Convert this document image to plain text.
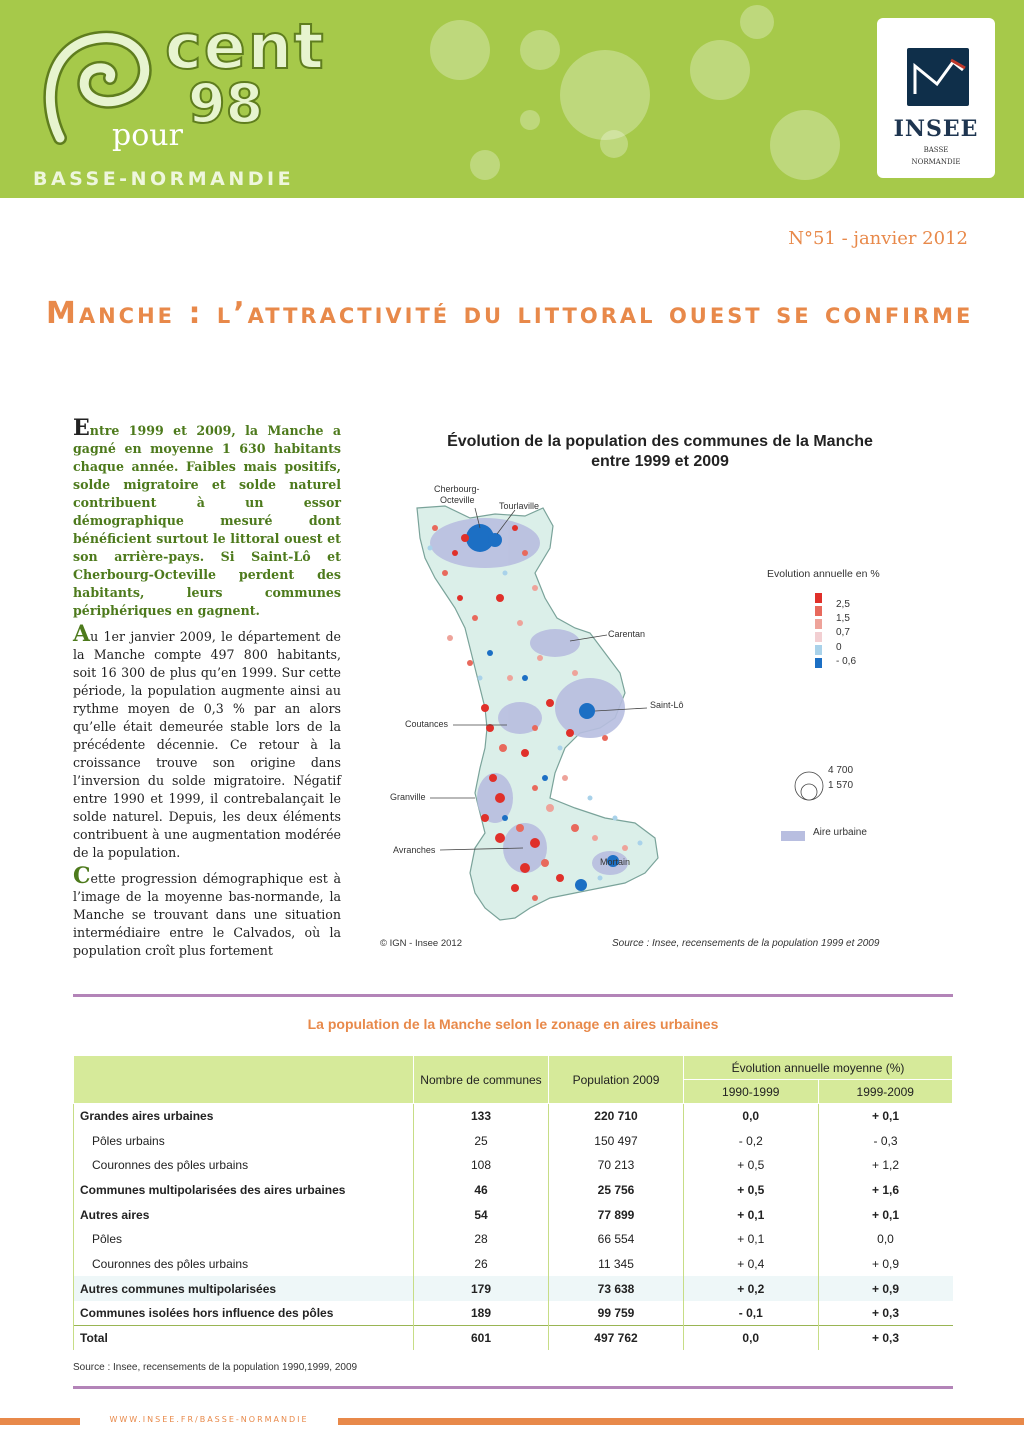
cent
98
pour
BASSE-NORMANDIE
INSEE
BASSE
NORMANDIE
N°51 - janvier 2012
Manche : l’attractivité du littoral ouest se confirme

Entre 1999 et 2009, la Manche a gagné en moyenne 1 630 habitants chaque année. Faibles mais positifs, solde migratoire et solde naturel contribuent à un essor démographique mesuré dont bénéficient surtout le littoral ouest et son arrière-pays. Si Saint-Lô et Cherbourg-Octeville perdent des habitants, leurs communes périphériques en gagnent.

Au 1er janvier 2009, le département de la Manche compte 497 800 habitants, soit 16 300 de plus qu’en 1999. Sur cette période, la population augmente ainsi au rythme moyen de 0,3 % par an alors qu’elle était demeurée stable lors de la précédente décennie. Ce retour à la croissance trouve son origine dans l’inversion du solde migratoire. Négatif entre 1990 et 1999, il contrebalançait le solde naturel. Depuis, les deux éléments contribuent à une augmentation modérée de la population.

Cette progression démographique est à l’image de la moyenne bas-normande, la Manche se trouvant dans une situation intermédiaire entre le Calvados, où la population croît plus fortement

Évolution de la population des communes de la Manche
entre 1999 et 2009
Cherbourg-
Octeville
Tourlaville
Carentan
Saint-Lô
Coutances
Granville
Avranches
Mortain
Evolution annuelle en %
2,5
1,5
0,7
0
- 0,6
4 700
1 570
Aire urbaine
© IGN - Insee 2012	Source : Insee, recensements de la population 1999 et 2009
La population de la Manche selon le zonage en aires urbaines
	Nombre de communes	Population 2009	Évolution annuelle moyenne (%)	
			1990-1999	1999-2009
Grandes aires urbaines	133	220 710	0,0	+ 0,1
Pôles urbains	25	150 497	- 0,2	- 0,3
Couronnes des pôles urbains	108	70 213	+ 0,5	+ 1,2
Communes multipolarisées des aires urbaines	46	25 756	+ 0,5	+ 1,6
Autres aires	54	77 899	+ 0,1	+ 0,1
Pôles	28	66 554	+ 0,1	0,0
Couronnes des pôles urbains	26	11 345	+ 0,4	+ 0,9
Autres communes multipolarisées	179	73 638	+ 0,2	+ 0,9
Communes isolées hors influence des pôles	189	99 759	- 0,1	+ 0,3
Total	601	497 762	0,0	+ 0,3
Source : Insee, recensements de la population 1990,1999, 2009
WWW.INSEE.FR/BASSE-NORMANDIE
